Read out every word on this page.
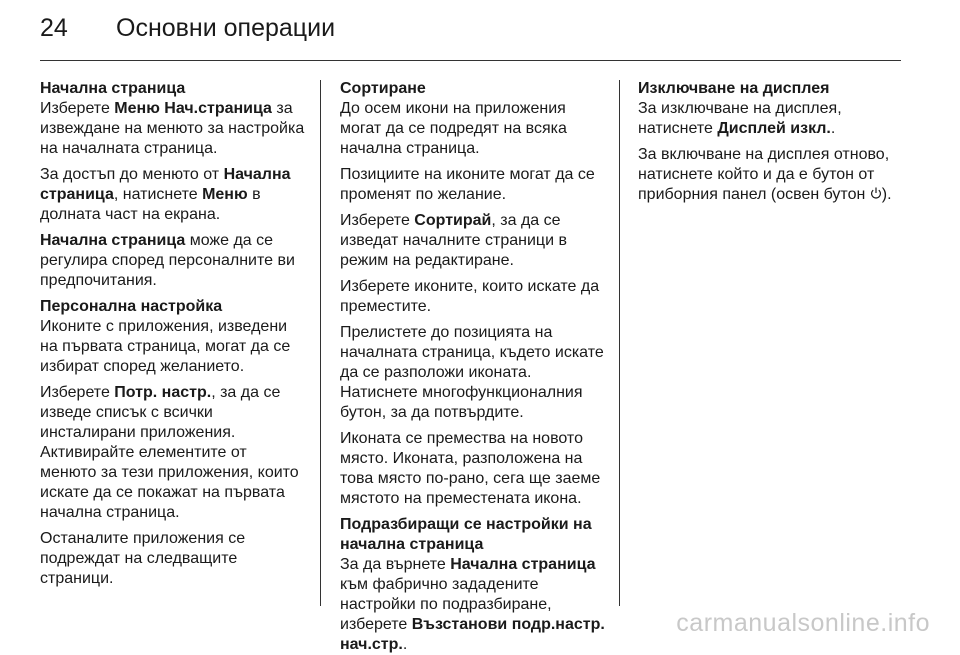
24 Основни операции
Начална страница
Изберете Меню Нач.страница за
извеждане на менюто за настройка
на началната страница.
За достъп до менюто от Начална
страница, натиснете Меню в
долната част на екрана.
Начална страница може да се
регулира според персоналните ви
предпочитания.
Персонална настройка
Иконите с приложения, изведени
на първата страница, могат да се
избират според желанието.
Изберете Потр. настр., за да се
изведе списък с всички
инсталирани приложения.
Активирайте елементите от
менюто за тези приложения, които
искате да се покажат на първата
начална страница.
Останалите приложения се
подреждат на следващите
страници.
Сортиране
До осем икони на приложения
могат да се подредят на всяка
начална страница.
Позициите на иконите могат да се
променят по желание.
Изберете Сортирай, за да се
изведат началните страници в
режим на редактиране.
Изберете иконите, които искате да
преместите.
Прелистете до позицията на
началната страница, където искате
да се разположи иконата.
Натиснете многофункционалния
бутон, за да потвърдите.
Иконата се премества на новото
място. Иконата, разположена на
това място по-рано, сега ще заеме
мястото на преместената икона.
Подразбиращи се настройки на
начална страница
За да върнете Начална страница
към фабрично зададените
настройки по подразбиране,
изберете Възстанови подр.настр.
нач.стр..
Изключване на дисплея
За изключване на дисплея,
натиснете Дисплей изкл..
За включване на дисплея отново,
натиснете който и да е бутон от
приборния панел (освен бутон ).
carmanualsonline.info
